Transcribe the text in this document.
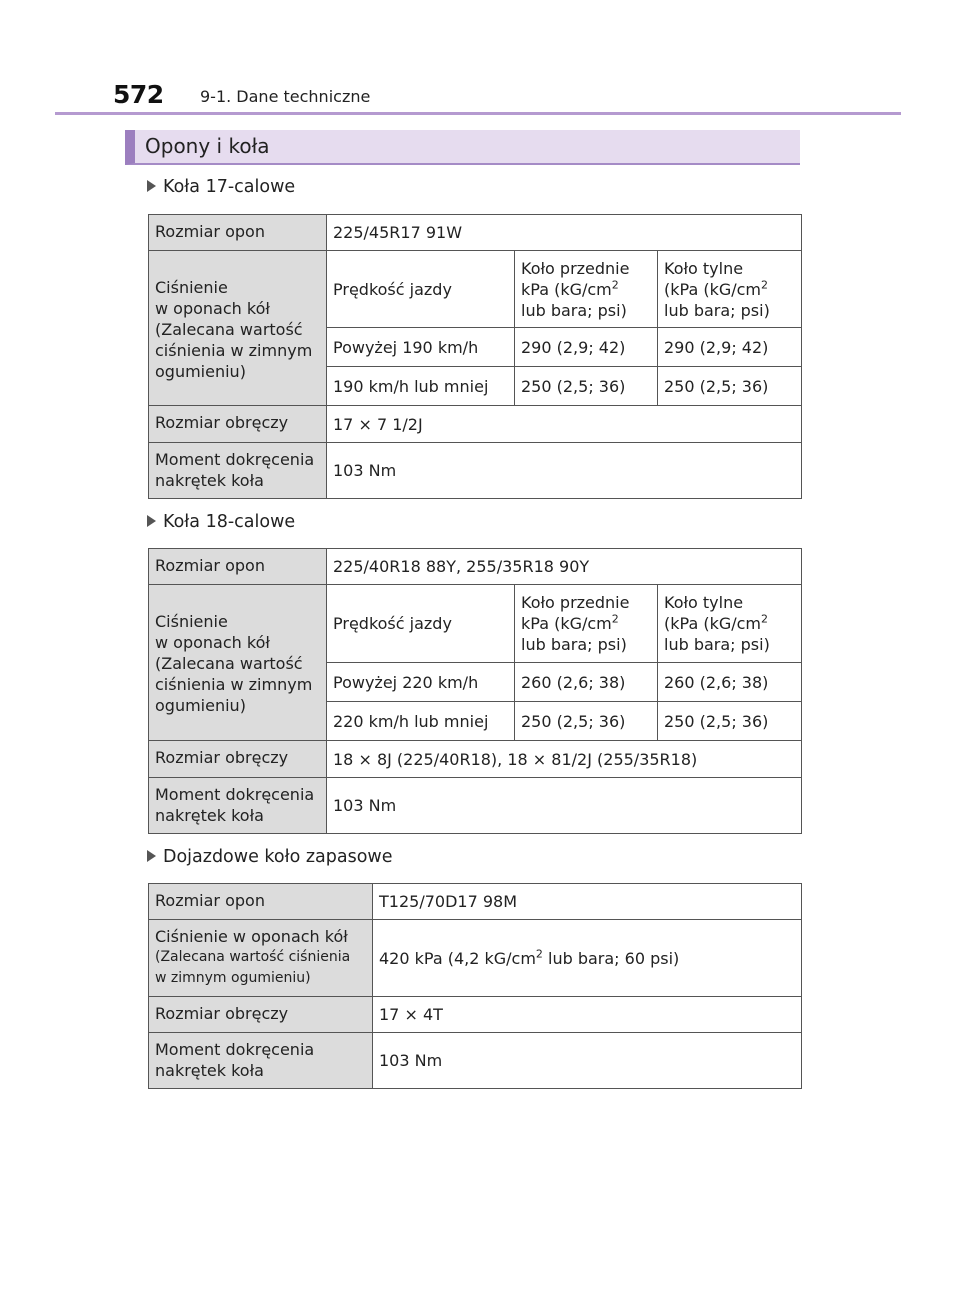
572 9-1. Dane techniczne
Opony i koła
Koła 17-calowe
Rozmiar opon	225/45R17 91W		
Ciśnienie
w oponach kół
(Zalecana wartość
ciśnienia w zimnym
ogumieniu)	Prędkość jazdy	Koło przednie
kPa ($kG/cm^2$
lub bara; psi)	Koło tylne
(kPa ($kG/cm^2$
lub bara; psi)
	Powyżej 190 km/h	290 (2,9; 42)	290 (2,9; 42)
	190 km/h lub mniej	250 (2,5; 36)	250 (2,5; 36)
Rozmiar obręczy	17 × 7 1/2J		
Moment dokręcenia
nakrętek koła	103 Nm		
Koła 18-calowe
Rozmiar opon	225/40R18 88Y, 255/35R18 90Y		
Ciśnienie
w oponach kół
(Zalecana wartość
ciśnienia w zimnym
ogumieniu)	Prędkość jazdy	Koło przednie
kPa ($kG/cm^2$
lub bara; psi)	Koło tylne
(kPa ($kG/cm^2$
lub bara; psi)
	Powyżej 220 km/h	260 (2,6; 38)	260 (2,6; 38)
	220 km/h lub mniej	250 (2,5; 36)	250 (2,5; 36)
Rozmiar obręczy	18 × 8J (225/40R18), 18 × 81/2J (255/35R18)		
Moment dokręcenia
nakrętek koła	103 Nm		
Dojazdowe koło zapasowe
Rozmiar opon	T125/70D17 98M

Ciśnienie w oponach kół
(Zalecana wartość ciśnienia
w zimnym ogumieniu)	420 kPa (4,2 $kG/cm^2$ lub bara; 60 psi)
Rozmiar obręczy	17 × 4T
Moment dokręcenia
nakrętek koła	103 Nm
